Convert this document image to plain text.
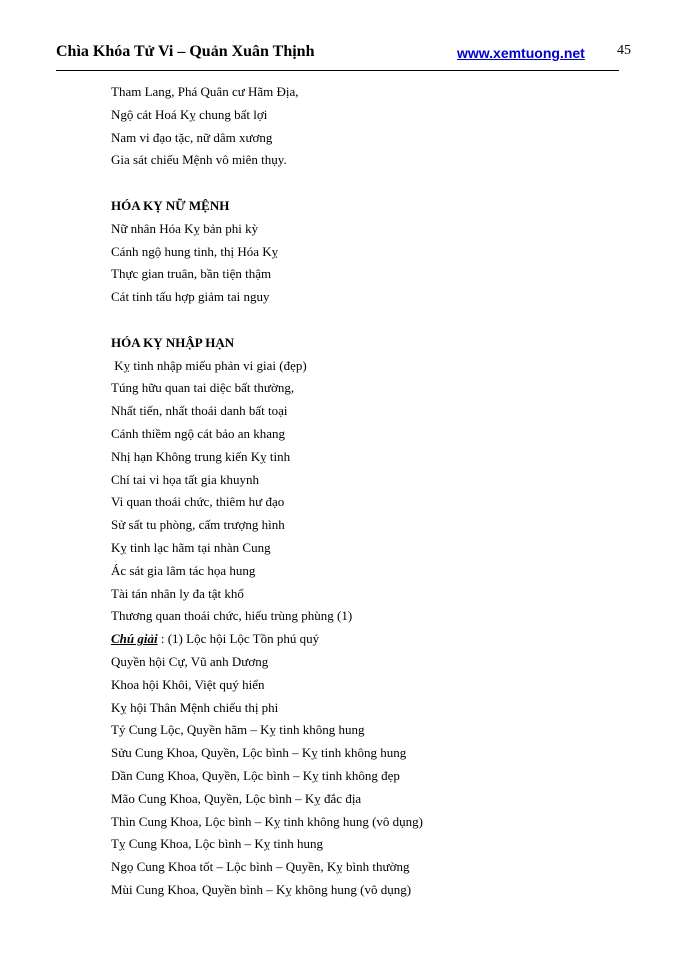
Chìa Khóa Tử Vi – Quản Xuân Thịnh	www.xemtuong.net 45
Tham Lang, Phá Quân cư Hãm Địa,
Ngộ cát Hoá Kỵ chung bất lợi
Nam vi đạo tặc, nữ dâm xương
Gia sát chiếu Mệnh vô miên thụy.
HÓA KỴ NỮ MỆNH
Nữ nhân Hóa Kỵ bản phi kỳ
Cánh ngộ hung tinh, thị Hóa Kỵ
Thực gian truân, bần tiện thậm
Cát tinh tấu hợp giảm tai nguy
HÓA KỴ NHẬP HẠN
Kỵ tinh nhập miếu phản vi giai (đẹp)
Túng hữu quan tai diệc bất thường,
Nhất tiến, nhất thoái danh bất toại
Cánh thiềm ngộ cát bảo an khang
Nhị hạn Không trung kiến Kỵ tinh
Chí tai vi họa tất gia khuynh
Vi quan thoái chức, thiêm hư đạo
Sử sất tu phòng, cấm trượng hình
Kỵ tinh lạc hãm tại nhàn Cung
Ác sát gia lâm tác họa hung
Tài tán nhân ly đa tật khổ
Thương quan thoái chức, hiếu trùng phùng (1)
Chú giải : (1) Lộc hội Lộc Tồn phú quý
Quyền hội Cự, Vũ anh Dương
Khoa hội Khôi, Việt quý hiển
Kỵ hội Thân Mệnh chiểu thị phi
Tý Cung Lộc, Quyền hãm – Kỵ tinh không hung
Sửu Cung Khoa, Quyền, Lộc bình – Kỵ tinh không hung
Dần Cung Khoa, Quyền, Lộc bình – Kỵ tinh không đẹp
Mão Cung Khoa, Quyền, Lộc bình – Kỵ đắc địa
Thìn Cung Khoa, Lộc bình – Kỵ tinh không hung (vô dụng)
Tỵ Cung Khoa, Lộc bình – Kỵ tinh hung
Ngọ Cung Khoa tốt – Lộc bình – Quyền, Kỵ bình thường
Mùi Cung Khoa, Quyền bình – Kỵ không hung (vô dụng)
